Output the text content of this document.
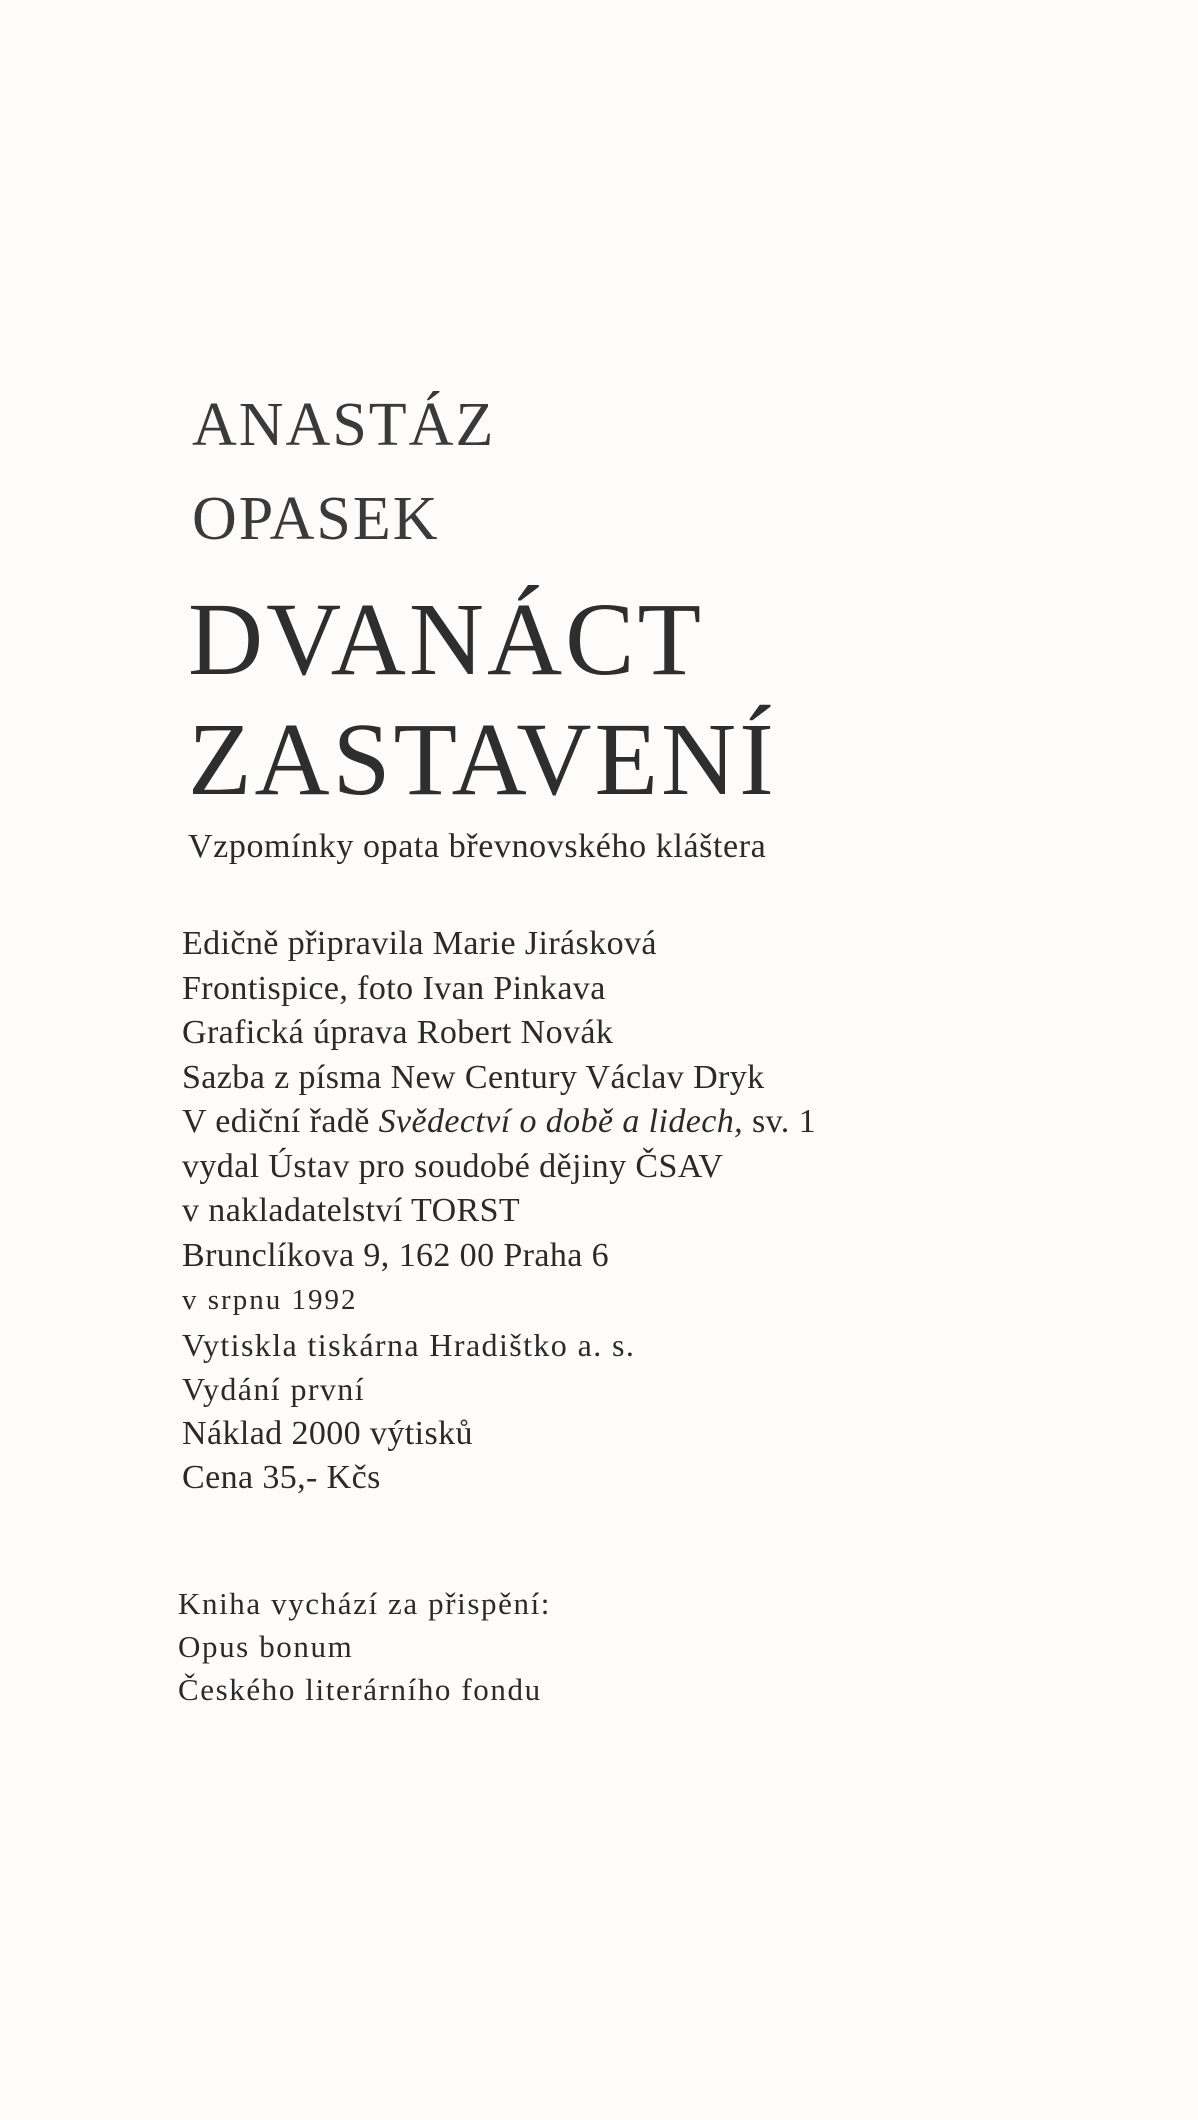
ANASTÁZ
OPASEK
DVANÁCT
ZASTAVENÍ

Vzpomínky opata břevnovského kláštera

Edičně připravila Marie Jirásková
Frontispice, foto Ivan Pinkava
Grafická úprava Robert Novák
Sazba z písma New Century Václav Dryk
V ediční řadě Svědectví o době a lidech, sv. 1
vydal Ústav pro soudobé dějiny ČSAV
v nakladatelství TORST
Brunclíkova 9, 162 00 Praha 6
v srpnu 1992
Vytiskla tiskárna Hradištko a. s.
Vydání první
Náklad 2000 výtisků
Cena 35,- Kčs
Kniha vychází za přispění:
Opus bonum
Českého literárního fondu
